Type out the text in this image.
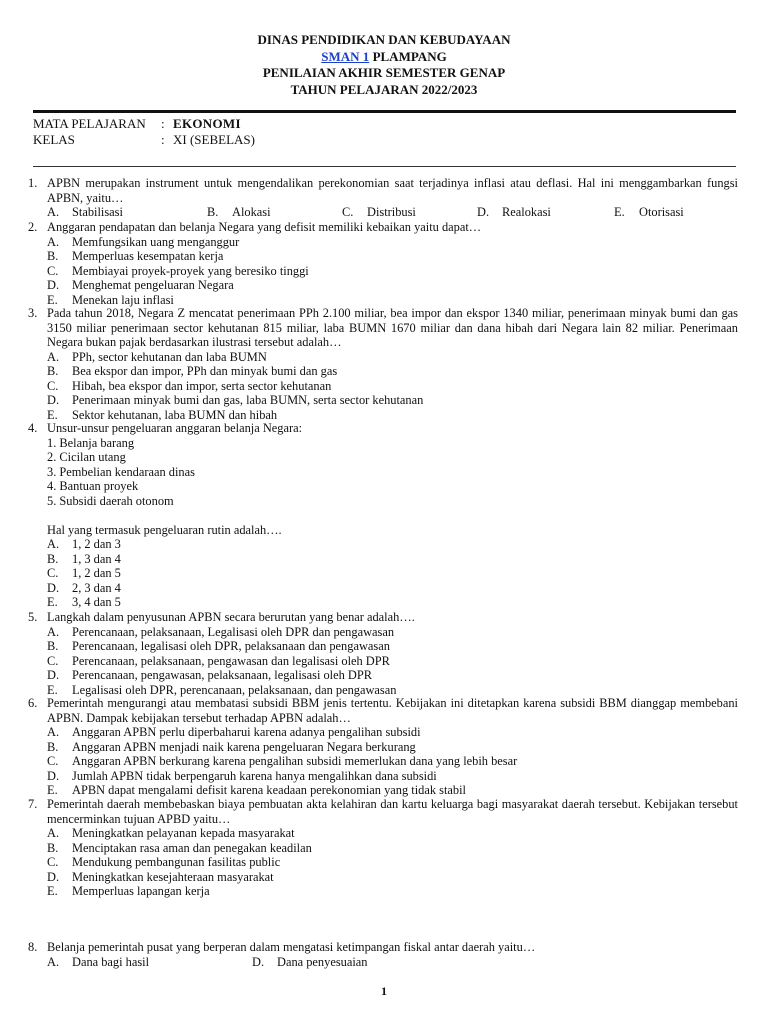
DINAS PENDIDIKAN DAN KEBUDAYAAN
SMAN 1 PLAMPANG
PENILAIAN AKHIR SEMESTER GENAP
TAHUN PELAJARAN 2022/2023
MATA PELAJARAN	: EKONOMI
KELAS	: XI (SEBELAS)
1. APBN merupakan instrument untuk mengendalikan perekonomian saat terjadinya inflasi atau deflasi. Hal ini menggambarkan fungsi APBN, yaitu…
A.	Stabilisasi	B.	Alokasi	C.	Distribusi	D.	Realokasi	E.	Otorisasi
2. Anggaran pendapatan dan belanja Negara yang defisit memiliki kebaikan yaitu dapat…
A.	Memfungsikan uang menganggur
B.	Memperluas kesempatan kerja
C.	Membiayai proyek-proyek yang beresiko tinggi
D.	Menghemat pengeluaran Negara
E.	Menekan laju inflasi
3. Pada tahun 2018, Negara Z mencatat penerimaan PPh 2.100 miliar, bea impor dan ekspor 1340 miliar, penerimaan minyak bumi dan gas 3150 miliar penerimaan sector kehutanan 815 miliar, laba BUMN 1670 miliar dan dana hibah dari Negara lain 82 miliar. Penerimaan Negara bukan pajak berdasarkan ilustrasi tersebut adalah…
A.	PPh, sector kehutanan dan laba BUMN
B.	Bea ekspor dan impor, PPh dan minyak bumi dan gas
C.	Hibah, bea ekspor dan impor, serta sector kehutanan
D.	Penerimaan minyak bumi dan gas, laba BUMN, serta sector kehutanan
E.	Sektor kehutanan, laba BUMN dan hibah
4. Unsur-unsur pengeluaran anggaran belanja Negara:
1. Belanja barang
2. Cicilan utang
3. Pembelian kendaraan dinas
4. Bantuan proyek
5. Subsidi daerah otonom
Hal yang termasuk pengeluaran rutin adalah….
A.	1, 2 dan 3
B.	1, 3 dan 4
C.	1, 2 dan 5
D.	2, 3 dan 4
E.	3, 4 dan 5
5. Langkah dalam penyusunan APBN secara berurutan yang benar adalah….
A.	Perencanaan, pelaksanaan, Legalisasi oleh DPR dan pengawasan
B.	Perencanaan, legalisasi oleh DPR, pelaksanaan dan pengawasan
C.	Perencanaan, pelaksanaan, pengawasan dan legalisasi oleh DPR
D.	Perencanaan, pengawasan, pelaksanaan, legalisasi oleh DPR
E.	Legalisasi oleh DPR, perencanaan, pelaksanaan, dan pengawasan
6. Pemerintah mengurangi atau membatasi subsidi BBM jenis tertentu. Kebijakan ini ditetapkan karena subsidi BBM dianggap membebani APBN. Dampak kebijakan tersebut terhadap APBN adalah…
A.	Anggaran APBN perlu diperbaharui karena adanya pengalihan subsidi
B.	Anggaran APBN menjadi naik karena pengeluaran Negara berkurang
C.	Anggaran APBN berkurang karena pengalihan subsidi memerlukan dana yang lebih besar
D.	Jumlah APBN tidak berpengaruh karena hanya mengalihkan dana subsidi
E.	APBN dapat mengalami defisit karena keadaan perekonomian yang tidak stabil
7. Pemerintah daerah membebaskan biaya pembuatan akta kelahiran dan kartu keluarga bagi masyarakat daerah tersebut. Kebijakan tersebut mencerminkan tujuan APBD yaitu…
A.	Meningkatkan pelayanan kepada masyarakat
B.	Menciptakan rasa aman dan penegakan keadilan
C.	Mendukung pembangunan fasilitas public
D.	Meningkatkan kesejahteraan masyarakat
E.	Memperluas lapangan kerja
8. Belanja pemerintah pusat yang berperan dalam mengatasi ketimpangan fiskal antar daerah yaitu…
A.	Dana bagi hasil	D.	Dana penyesuaian
1
